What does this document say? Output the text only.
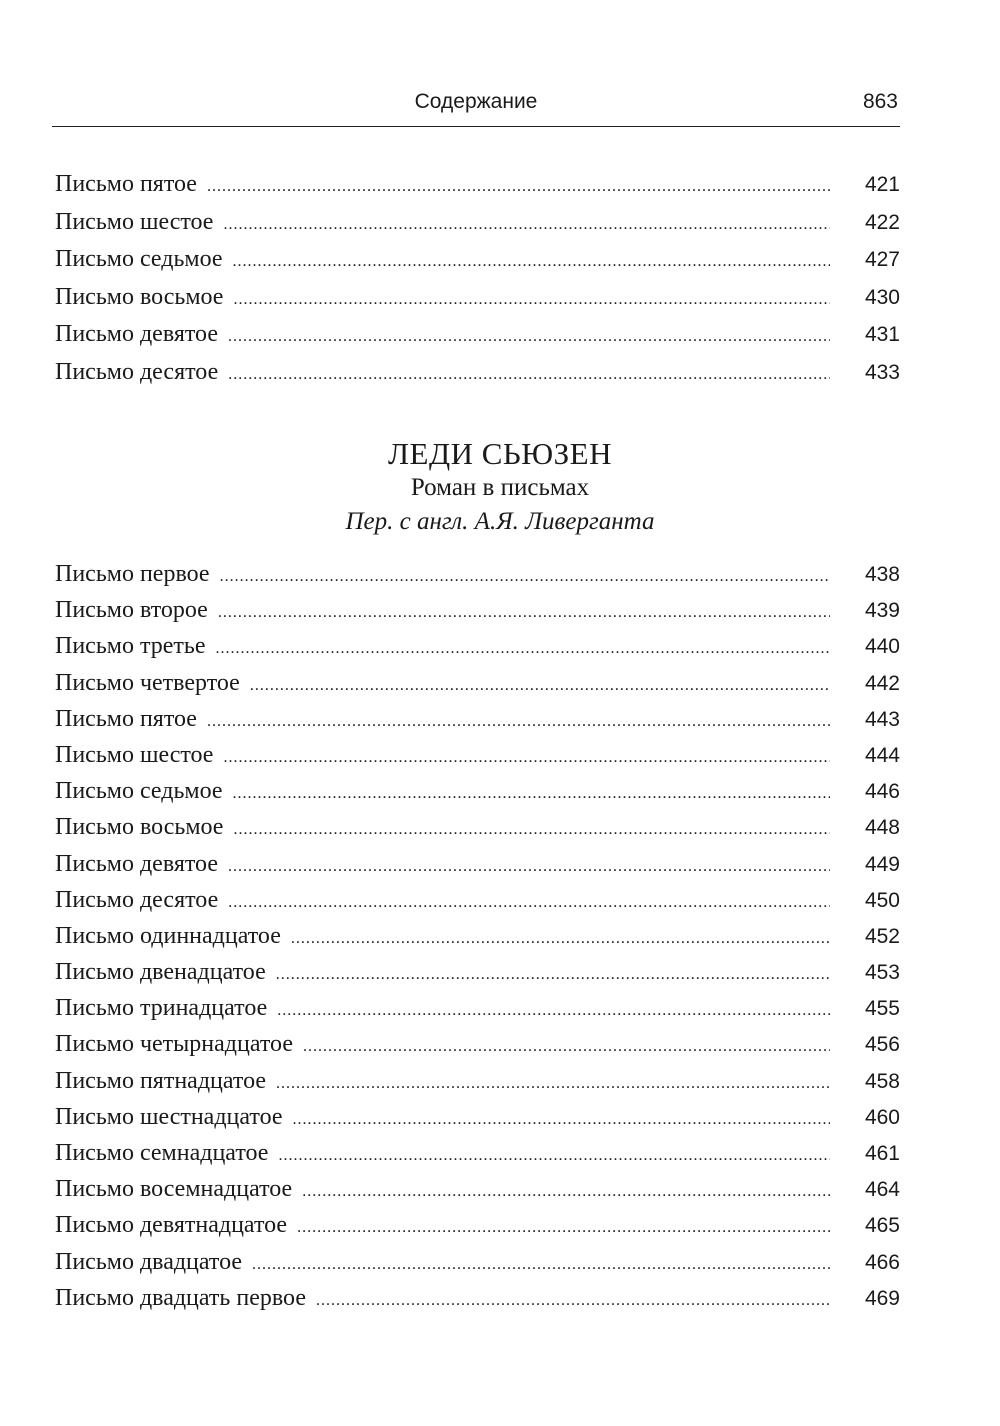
Содержание	863
Письмо пятое .....	421
Письмо шестое .....	422
Письмо седьмое .....	427
Письмо восьмое .....	430
Письмо девятое .....	431
Письмо десятое .....	433
ЛЕДИ СЬЮЗЕН
Роман в письмах
Пер. с англ. А.Я. Ливерганта
Письмо первое .....	438
Письмо второе .....	439
Письмо третье .....	440
Письмо четвертое .....	442
Письмо пятое .....	443
Письмо шестое .....	444
Письмо седьмое .....	446
Письмо восьмое .....	448
Письмо девятое .....	449
Письмо десятое .....	450
Письмо одиннадцатое .....	452
Письмо двенадцатое .....	453
Письмо тринадцатое .....	455
Письмо четырнадцатое .....	456
Письмо пятнадцатое .....	458
Письмо шестнадцатое .....	460
Письмо семнадцатое .....	461
Письмо восемнадцатое .....	464
Письмо девятнадцатое .....	465
Письмо двадцатое .....	466
Письмо двадцать первое .....	469
